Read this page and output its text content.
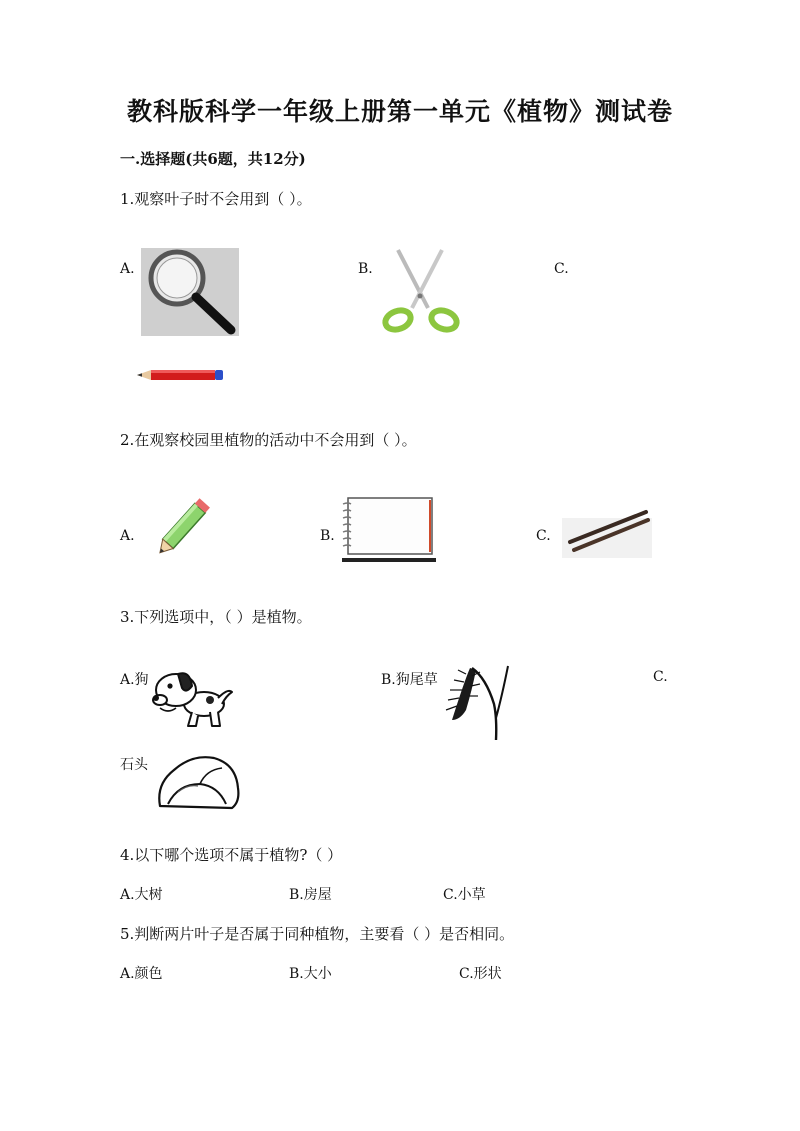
教科版科学一年级上册第一单元《植物》测试卷
一.选择题(共6题，共12分)
1.观察叶子时不会用到（ ）。
A.	B.	C.
2.在观察校园里植物的活动中不会用到（ ）。
A.	B.	C.
3.下列选项中，（ ）是植物。
A.狗	B.狗尾草	C.
石头
4.以下哪个选项不属于植物?（ ）
A.大树	B.房屋	C.小草
5.判断两片叶子是否属于同种植物，主要看（ ）是否相同。
A.颜色	B.大小	C.形状
